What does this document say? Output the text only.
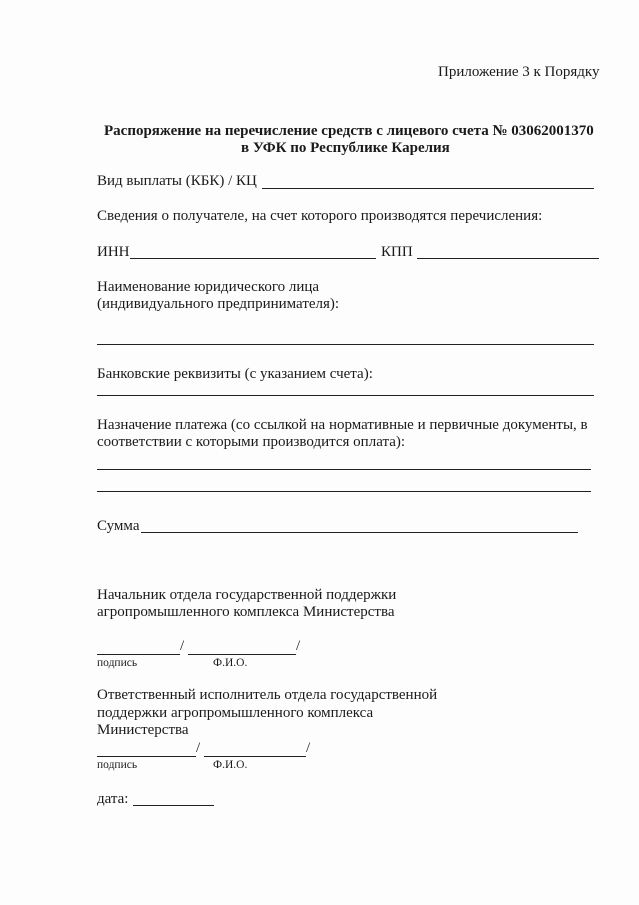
Приложение 3 к Порядку
Распоряжение на перечисление средств с лицевого счета № 03062001370
в УФК по Республике Карелия
Вид выплаты (КБК) / КЦ
Сведения о получателе, на счет которого производятся перечисления:
ИНН	КПП
Наименование юридического лица
(индивидуального предпринимателя):
Банковские реквизиты (с указанием счета):
Назначение платежа (со ссылкой на нормативные и первичные документы, в
соответствии с которыми производится оплата):
Сумма
Начальник отдела государственной поддержки
агропромышленного комплекса Министерства
/	/
подпись	Ф.И.О.
Ответственный исполнитель отдела государственной
поддержки агропромышленного комплекса
Министерства
/	/
подпись	Ф.И.О.
дата:
